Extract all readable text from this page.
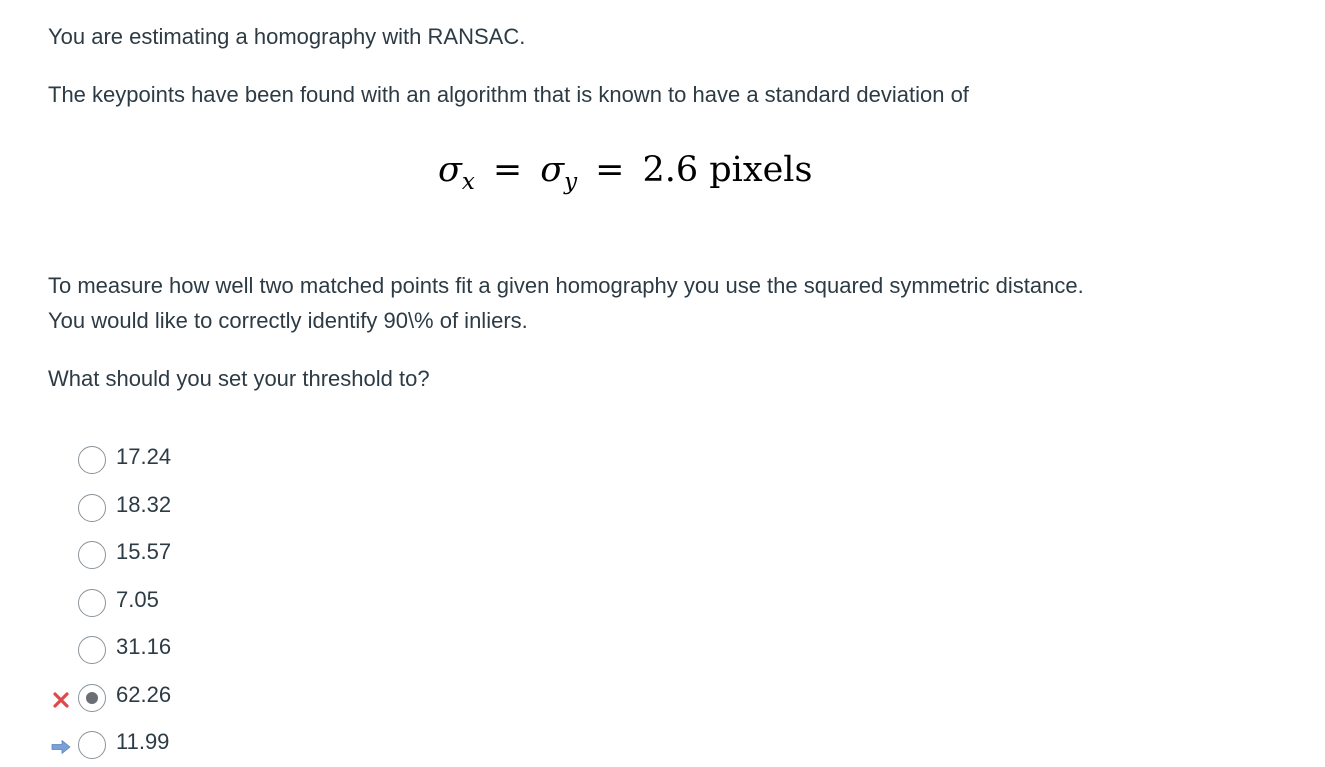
You are estimating a homography with RANSAC.
The keypoints have been found with an algorithm that is known to have a standard deviation of
$\sigma_x = \sigma_y = 2.6$ pixels
To measure how well two matched points fit a given homography you use the squared symmetric distance.
You would like to correctly identify 90\% of inliers.
What should you set your threshold to?
17.24
18.32
15.57
7.05
31.16
62.26
11.99
